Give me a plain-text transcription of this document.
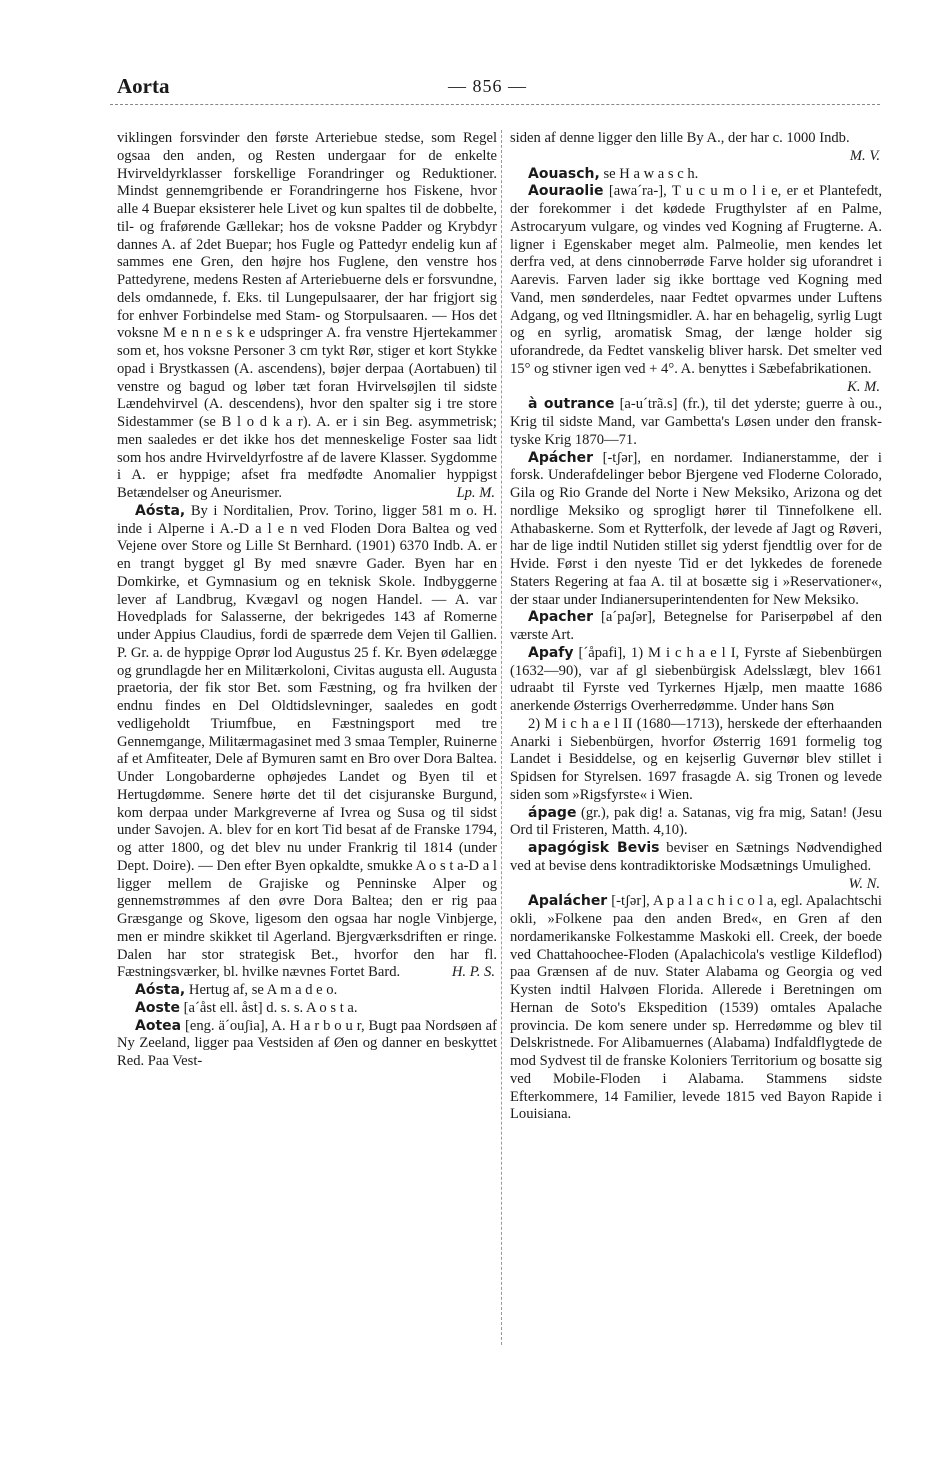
Aorta	— 856 —

viklingen forsvinder den første Arteriebue stedse, som Regel ogsaa den anden, og Resten undergaar for de enkelte Hvirveldyrklasser forskellige Forandringer og Reduktioner. Mindst gennemgribende er Forandringerne hos Fiskene, hvor alle 4 Buepar eksisterer hele Livet og kun spaltes til de dobbelte, til- og fraførende Gællekar; hos de voksne Padder og Krybdyr dannes A. af 2det Buepar; hos Fugle og Pattedyr endelig kun af sammes ene Gren, den højre hos Fuglene, den venstre hos Pattedyrene, medens Resten af Arteriebuerne dels er forsvundne, dels omdannede, f. Eks. til Lungepulsaarer, der har frigjort sig for enhver Forbindelse med Stam- og Storpulsaaren. — Hos det voksne M e n n e s k e udspringer A. fra venstre Hjertekammer som et, hos voksne Personer 3 cm tykt Rør, stiger et kort Stykke opad i Brystkassen (A. ascendens), bøjer derpaa (Aortabuen) til venstre og bagud og løber tæt foran Hvirvelsøjlen til sidste Lændehvirvel (A. descendens), hvor den spalter sig i tre store Sidestammer (se B l o d k a r). A. er i sin Beg. asymmetrisk; men saaledes er det ikke hos det menneskelige Foster saa lidt som hos andre Hvirveldyrfostre af de lavere Klasser. Sygdomme i A. er hyppige; afset fra medfødte Anomalier hyppigst Betændelser og Aneurismer.	Lp. M.

Aósta, By i Norditalien, Prov. Torino, ligger 581 m o. H. inde i Alperne i A.-D a l e n ved Floden Dora Baltea og ved Vejene over Store og Lille St Bernhard. (1901) 6370 Indb. A. er en trangt bygget gl By med snævre Gader. Byen har en Domkirke, et Gymnasium og en teknisk Skole. Indbyggerne lever af Landbrug, Kvægavl og nogen Handel. — A. var Hovedplads for Salasserne, der bekrigedes 143 af Romerne under Appius Claudius, fordi de spærrede dem Vejen til Gallien. P. Gr. a. de hyppige Oprør lod Augustus 25 f. Kr. Byen ødelægge og grundlagde her en Militærkoloni, Civitas augusta ell. Augusta praetoria, der fik stor Bet. som Fæstning, og fra hvilken der endnu findes en Del Oldtidslevninger, saaledes en godt vedligeholdt Triumfbue, en Fæstningsport med tre Gennemgange, Militærmagasinet med 3 smaa Templer, Ruinerne af et Amfiteater, Dele af Bymuren samt en Bro over Dora Baltea. Under Longobarderne ophøjedes Landet og Byen til et Hertugdømme. Senere hørte det til det cisjuranske Burgund, kom derpaa under Markgreverne af Ivrea og Susa og til sidst under Savojen. A. blev for en kort Tid besat af de Franske 1794, og atter 1800, og det blev nu under Frankrig til 1814 (under Dept. Doire). — Den efter Byen opkaldte, smukke A o s t a-D a l ligger mellem de Grajiske og Penninske Alper og gennemstrømmes af den øvre Dora Baltea; den er rig paa Græsgange og Skove, ligesom den ogsaa har nogle Vinbjerge, men er mindre skikket til Agerland. Bjergværksdriften er ringe. Dalen har stor strategisk Bet., hvorfor den har fl. Fæstningsværker, bl. hvilke nævnes Fortet Bard.	H. P. S.

Aósta, Hertug af, se A m a d e o.

Aoste [a´åst ell. åst] d. s. s. A o s t a.

Aotea [eng. ä´ouʃia], A. H a r b o u r, Bugt paa Nordsøen af Ny Zeeland, ligger paa Vestsiden af Øen og danner en beskyttet Red. Paa Vest-

siden af denne ligger den lille By A., der har c. 1000 Indb.
M. V.

Aouasch, se H a w a s c h.

Aouraolie [awa´ra-], T u c u m o l i e, er et Plantefedt, der forekommer i det kødede Frugthylster af en Palme, Astrocaryum vulgare, og vindes ved Kogning af Frugterne. A. ligner i Egenskaber meget alm. Palmeolie, men kendes let derfra ved, at dens cinnoberrøde Farve holder sig uforandret i Aarevis. Farven lader sig ikke borttage ved Kogning med Vand, men sønderdeles, naar Fedtet opvarmes under Luftens Adgang, og ved Iltningsmidler. A. har en behagelig, syrlig Lugt og en syrlig, aromatisk Smag, der længe holder sig uforandrede, da Fedtet vanskelig bliver harsk. Det smelter ved 15° og stivner igen ved + 4°. A. benyttes i Sæbefabrikationen.
K. M.

à outrance [a-u´trã.s] (fr.), til det yderste; guerre à ou., Krig til sidste Mand, var Gambetta's Løsen under den fransk-tyske Krig 1870—71.

Apácher [-tʃər], en nordamer. Indianerstamme, der i forsk. Underafdelinger bebor Bjergene ved Floderne Colorado, Gila og Rio Grande del Norte i New Meksiko, Arizona og det nordlige Meksiko og sprogligt hører til Tinnefolkene ell. Athabaskerne. Som et Rytterfolk, der levede af Jagt og Røveri, har de lige indtil Nutiden stillet sig yderst fjendtlig over for de Hvide. Først i den nyeste Tid er det lykkedes de forenede Staters Regering at faa A. til at bosætte sig i »Reservationer«, der staar under Indianersuperintendenten for New Meksiko.

Apacher [a´paʃər], Betegnelse for Pariserpøbel af den værste Art.

Apafy [´åpafi], 1) M i c h a e l I, Fyrste af Siebenbürgen (1632—90), var af gl siebenbürgisk Adelsslægt, blev 1661 udraabt til Fyrste ved Tyrkernes Hjælp, men maatte 1686 anerkende Østerrigs Overherredømme. Under hans Søn

2) M i c h a e l II (1680—1713), herskede der efterhaanden Anarki i Siebenbürgen, hvorfor Østerrig 1691 formelig tog Landet i Besiddelse, og en kejserlig Guvernør blev stillet i Spidsen for Styrelsen. 1697 frasagde A. sig Tronen og levede siden som »Rigsfyrste« i Wien.

ápage (gr.), pak dig! a. Satanas, vig fra mig, Satan! (Jesu Ord til Fristeren, Matth. 4,10).

apagógisk Bevis beviser en Sætnings Nødvendighed ved at bevise dens kontradiktoriske Modsætnings Umulighed.
W. N.

Apalácher [-tʃər], A p a l a c h i c o l a, egl. Apalachtschi okli, »Folkene paa den anden Bred«, en Gren af den nordamerikanske Folkestamme Maskoki ell. Creek, der boede ved Chattahoochee-Floden (Apalachicola's vestlige Kildeflod) paa Grænsen af de nuv. Stater Alabama og Georgia og ved Kysten indtil Halvøen Florida. Allerede i Beretningen om Hernan de Soto's Ekspedition (1539) omtales Apalache provincia. De kom senere under sp. Herredømme og blev til Delskristnede. For Alibamuernes (Alabama) Indfaldflygtede de mod Sydvest til de franske Koloniers Territorium og bosatte sig ved Mobile-Floden i Alabama. Stammens sidste Efterkommere, 14 Familier, levede 1815 ved Bayon Rapide i Louisiana.
